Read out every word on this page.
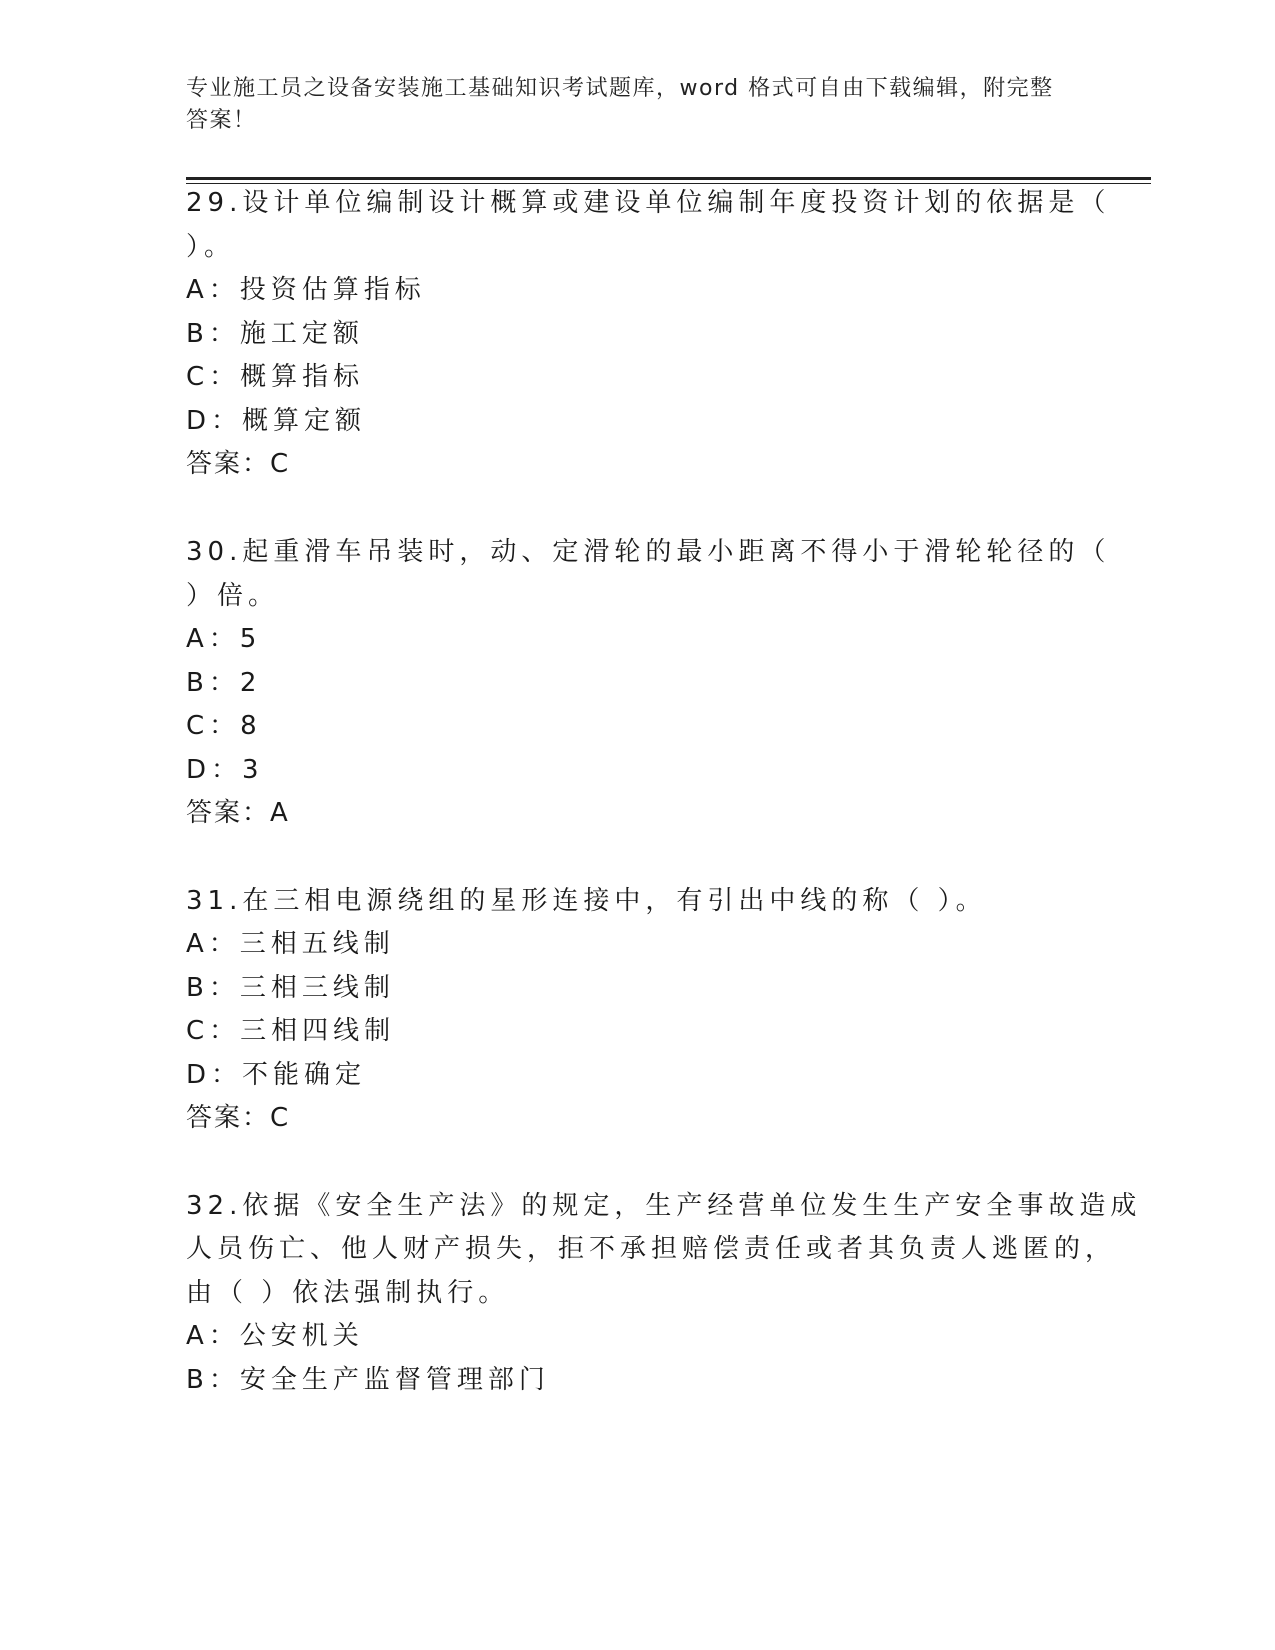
专业施工员之设备安装施工基础知识考试题库，word 格式可自由下载编辑，附完整答案！
29.设计单位编制设计概算或建设单位编制年度投资计划的依据是（
）。
A：投资估算指标
B：施工定额
C：概算指标
D：概算定额
答案：C
30.起重滑车吊装时，动、定滑轮的最小距离不得小于滑轮轮径的（
）倍。
A：5
B：2
C：8
D：3
答案：A
31.在三相电源绕组的星形连接中，有引出中线的称（ ）。
A：三相五线制
B：三相三线制
C：三相四线制
D：不能确定
答案：C
32.依据《安全生产法》的规定，生产经营单位发生生产安全事故造成
人员伤亡、他人财产损失，拒不承担赔偿责任或者其负责人逃匿的，
由（ ）依法强制执行。
A：公安机关
B：安全生产监督管理部门
